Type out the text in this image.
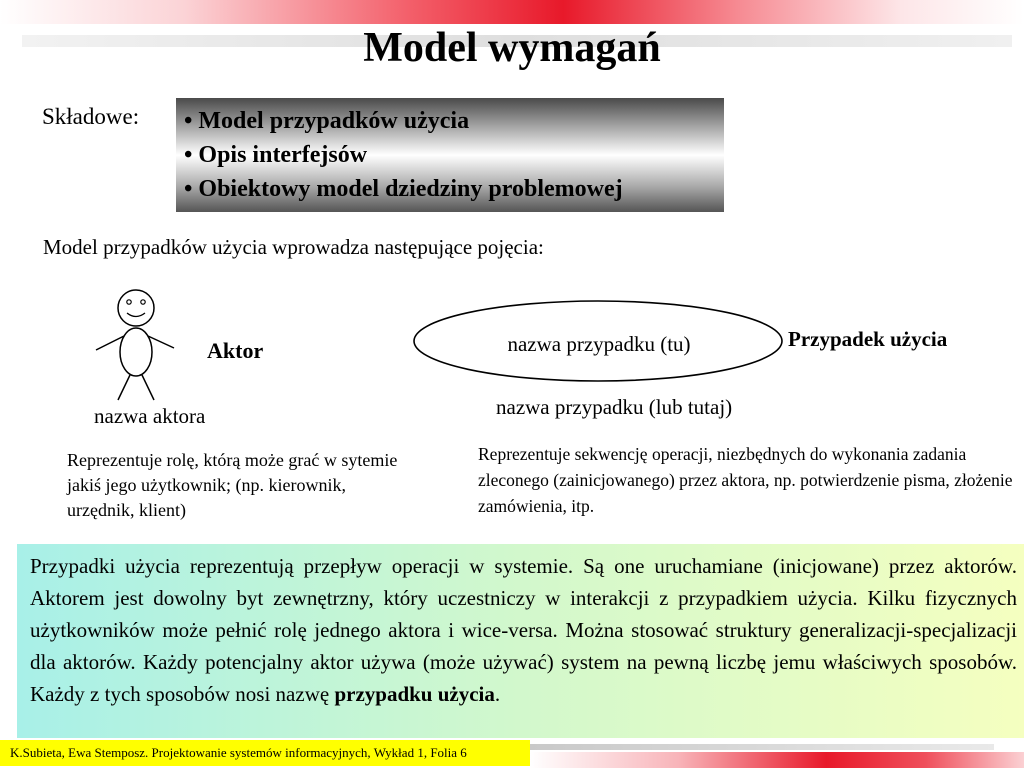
Model wymagań
Składowe: • Model przypadków użycia
• Opis interfejsów
• Obiektowy model dziedziny problemowej
Model przypadków użycia wprowadza następujące pojęcia:
Aktor
nazwa aktora
Reprezentuje rolę, którą może grać w sytemie jakiś jego użytkownik; (np. kierownik, urzędnik, klient)
nazwa przypadku (tu)	Przypadek użycia
nazwa przypadku (lub tutaj)
Reprezentuje sekwencję operacji, niezbędnych do wykonania zadania zleconego (zainicjowanego) przez aktora, np. potwierdzenie pisma, złożenie zamówienia, itp.

Przypadki użycia reprezentują przepływ operacji w systemie. Są one uruchamiane (inicjowane) przez aktorów. Aktorem jest dowolny byt zewnętrzny, który uczestniczy w interakcji z przypadkiem użycia. Kilku fizycznych użytkowników może pełnić rolę jednego aktora i wice-versa. Można stosować struktury generalizacji-specjalizacji dla aktorów. Każdy potencjalny aktor używa (może używać) system na pewną liczbę jemu właściwych sposobów. Każdy z tych sposobów nosi nazwę przypadku użycia.

K.Subieta, Ewa Stemposz. Projektowanie systemów informacyjnych, Wykład 1, Folia 6
